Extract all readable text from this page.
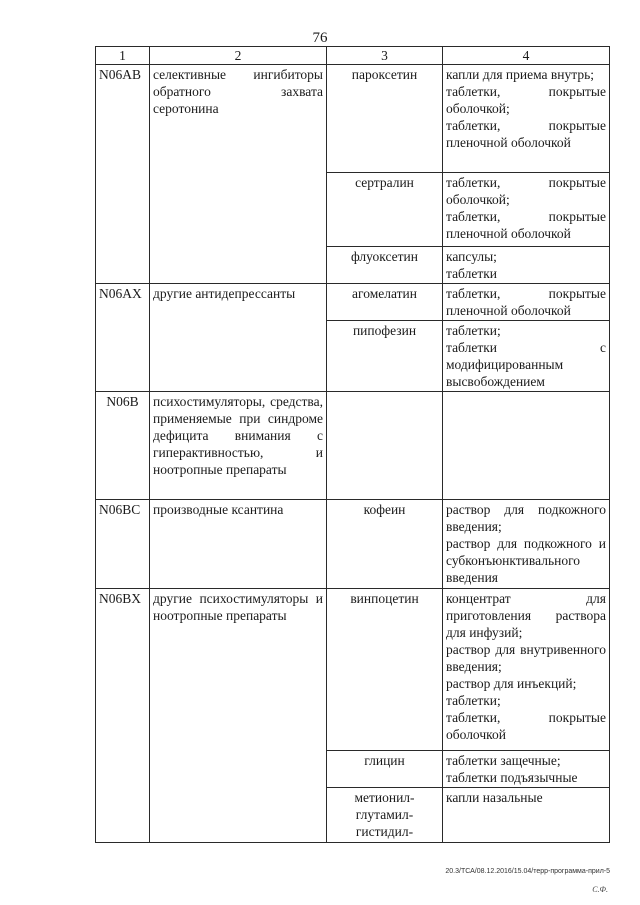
76
1	2	3	4
N06AB	селективные ингибиторы обратного захвата серотонина	пароксетин	капли для приема внутрь;
таблетки, покрытые оболочкой;
таблетки, покрытые пленочной оболочкой

		сертралин	таблетки, покрытые оболочкой;
таблетки, покрытые пленочной оболочкой

		флуоксетин	капсулы;
таблетки

N06AX	другие антидепрессанты	агомелатин	таблетки, покрытые пленочной оболочкой

		пипофезин	таблетки;
таблетки с модифицированным высвобождением

N06B	психостимуляторы, средства, применяемые при синдроме дефицита внимания с гиперактивностью, и ноотропные препараты		

N06BC	производные ксантина	кофеин	раствор для подкожного введения;
раствор для подкожного и субконъюнктивального введения

N06BX	другие психостимуляторы и ноотропные препараты	винпоцетин	концентрат для приготовления раствора для инфузий;
раствор для внутривенного введения;
раствор для инъекций;
таблетки;
таблетки, покрытые оболочкой

		глицин	таблетки защечные;
таблетки подъязычные

		метионил-глутамил-гистидил-	капли назальные
20.3/ТСА/08.12.2016/15.04/терр-программа-прил-5
С.Ф.
